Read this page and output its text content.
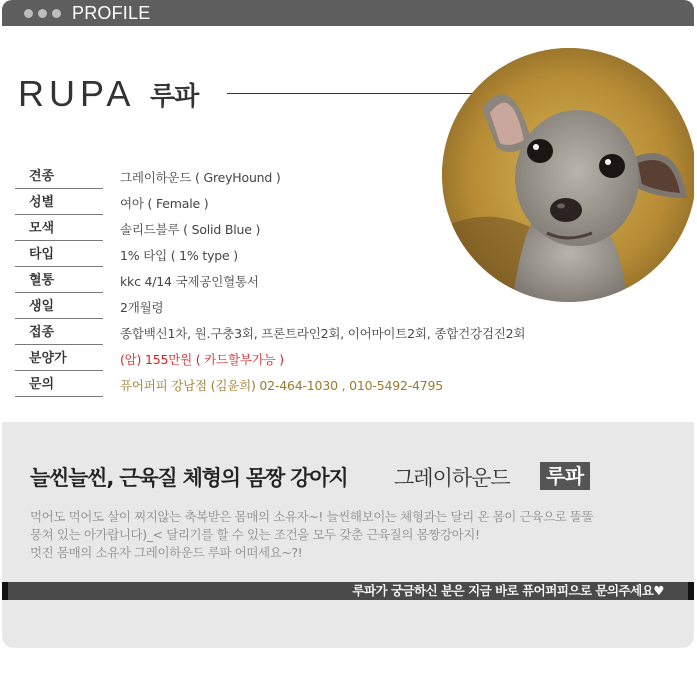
PROFILE
RUPA 루파
견종	그레이하운드 ( GreyHound )
성별	여아 ( Female )
모색	솔리드블루 ( Solid Blue )
타입	1% 타입 ( 1% type )
혈통	kkc 4/14 국제공인혈통서
생일	2개월령
접종	종합백신1차, 원.구충3회, 프론트라인2회, 이어마이트2회, 종합건강검진2회
분양가	(암) 155만원 ( 카드할부가능 )
문의	퓨어퍼피 강남점 (김윤희) 02-464-1030 , 010-5492-4795
늘씬늘씬, 근육질 체형의 몸짱 강아지 그레이하운드	루파

먹어도 먹어도 살이 찌지않는 축복받은 몸매의 소유자~! 늘씬해보이는 체형과는 달리 온 몸이 근육으로 똘똘

뭉쳐 있는 아가랍니다)_< 달리기를 할 수 있는 조건을 모두 갖춘 근육질의 몸짱강아지!

멋진 몸매의 소유자 그레이하운드 루파 어떠세요~?!

루파가 궁금하신 분은 지금 바로 퓨어퍼피으로 문의주세요♥
